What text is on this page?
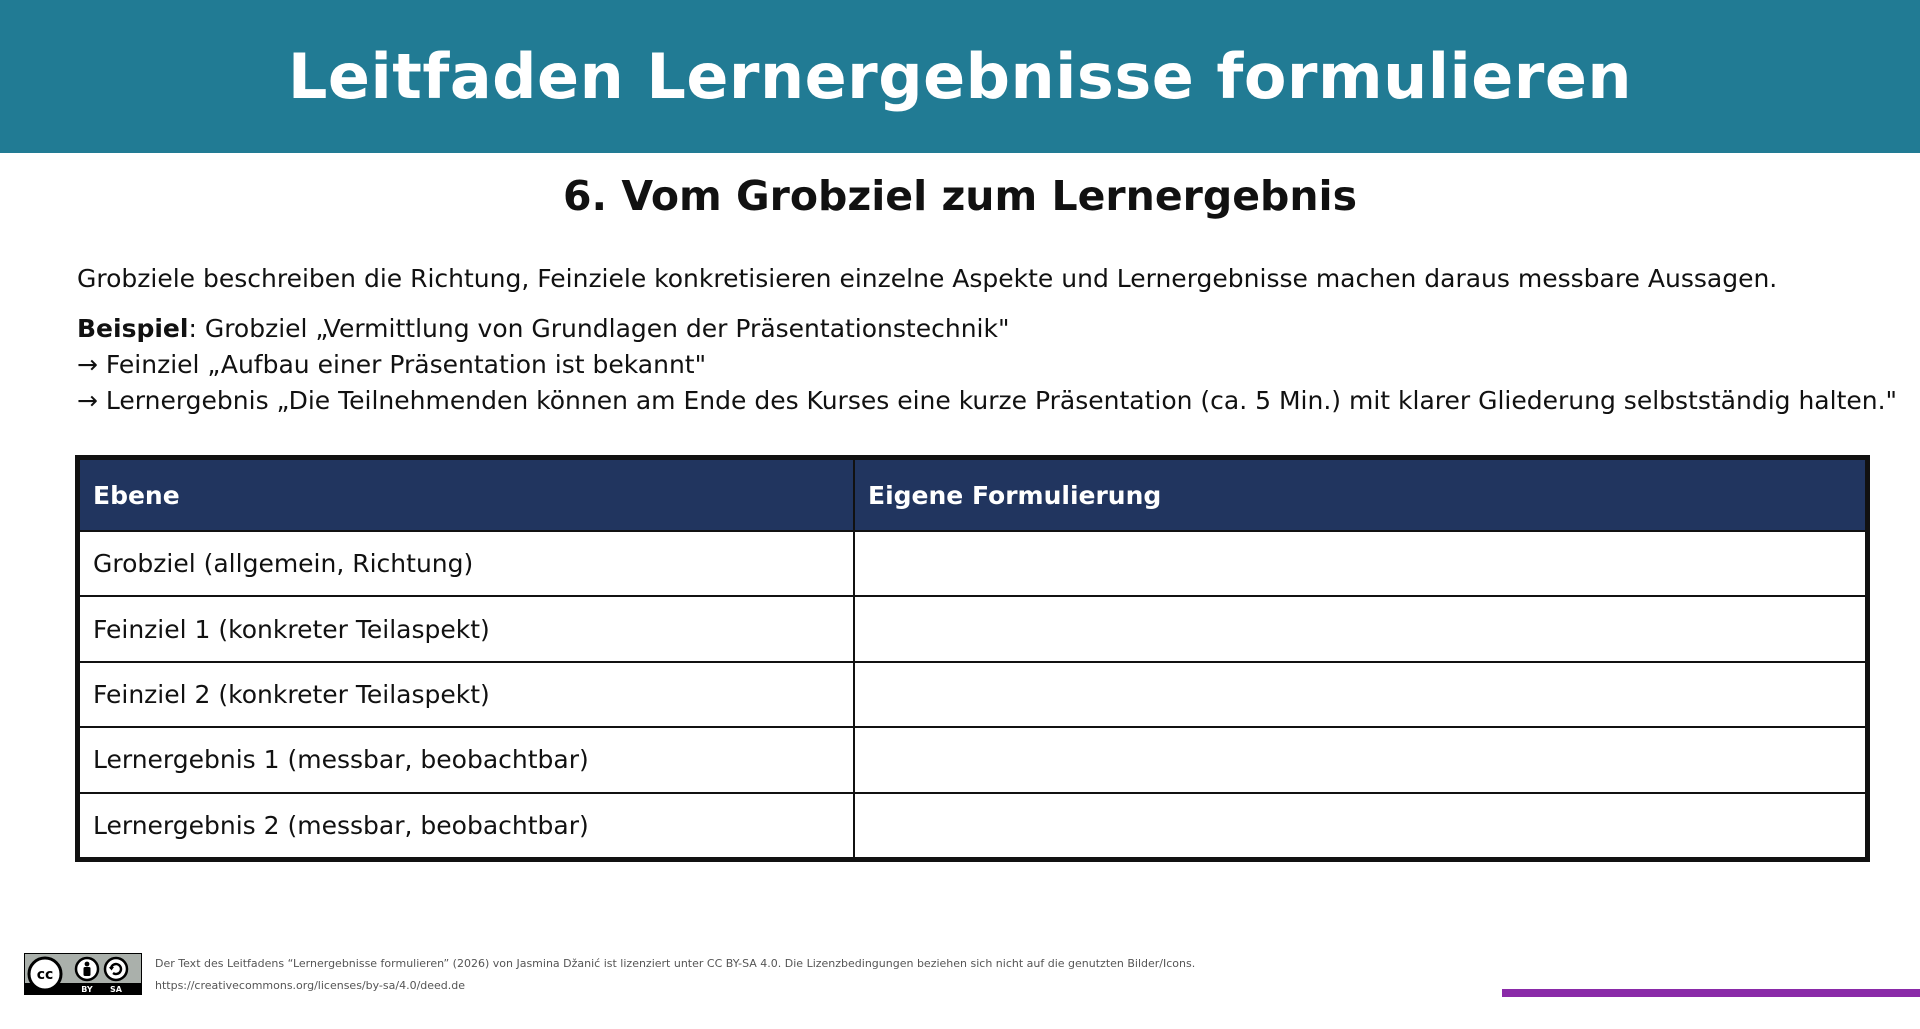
Leitfaden Lernergebnisse formulieren
6. Vom Grobziel zum Lernergebnis
Grobziele beschreiben die Richtung, Feinziele konkretisieren einzelne Aspekte und Lernergebnisse machen daraus messbare Aussagen.
Beispiel: Grobziel „Vermittlung von Grundlagen der Präsentationstechnik"
→ Feinziel „Aufbau einer Präsentation ist bekannt"
→ Lernergebnis „Die Teilnehmenden können am Ende des Kurses eine kurze Präsentation (ca. 5 Min.) mit klarer Gliederung selbstständig halten."
Ebene	Eigene Formulierung
Grobziel (allgemein, Richtung)	
Feinziel 1 (konkreter Teilaspekt)	
Feinziel 2 (konkreter Teilaspekt)	
Lernergebnis 1 (messbar, beobachtbar)	
Lernergebnis 2 (messbar, beobachtbar)	
cc
BY SA
Der Text des Leitfadens “Lernergebnisse formulieren” (2026) von Jasmina Džanić ist lizenziert unter CC BY-SA 4.0. Die Lizenzbedingungen beziehen sich nicht auf die genutzten Bilder/Icons.
https://creativecommons.org/licenses/by-sa/4.0/deed.de
